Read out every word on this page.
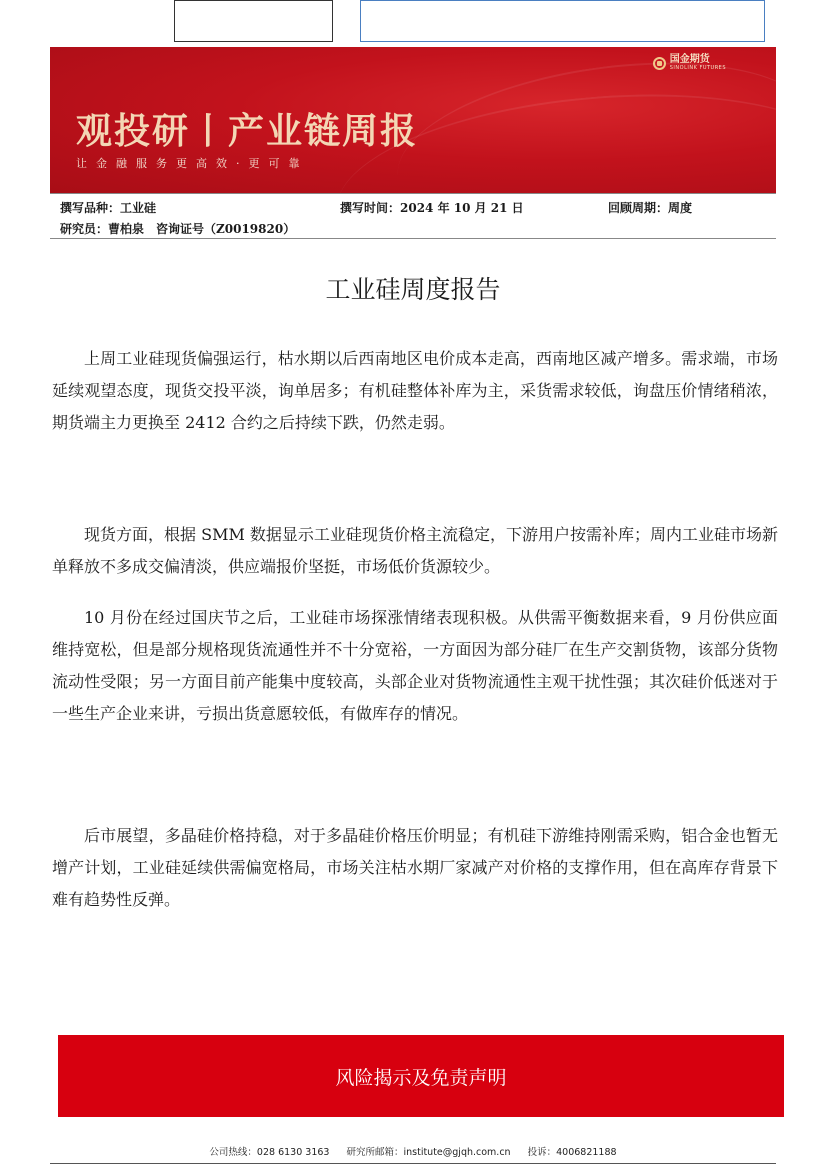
国金期货
SINOLINK FUTURES
观投研丨产业链周报
让金融服务更高效·更可靠
撰写品种：工业硅	撰写时间：2024 年 10 月 21 日	回顾周期：周度
研究员：曹柏泉　咨询证号（Z0019820）
工业硅周度报告

上周工业硅现货偏强运行，枯水期以后西南地区电价成本走高，西南地区减产增多。需求端，市场延续观望态度，现货交投平淡，询单居多；有机硅整体补库为主，采货需求较低，询盘压价情绪稍浓，期货端主力更换至 2412 合约之后持续下跌，仍然走弱。

现货方面，根据 SMM 数据显示工业硅现货价格主流稳定，下游用户按需补库；周内工业硅市场新单释放不多成交偏清淡，供应端报价坚挺，市场低价货源较少。

10 月份在经过国庆节之后，工业硅市场探涨情绪表现积极。从供需平衡数据来看，9 月份供应面维持宽松，但是部分规格现货流通性并不十分宽裕，一方面因为部分硅厂在生产交割货物，该部分货物流动性受限；另一方面目前产能集中度较高，头部企业对货物流通性主观干扰性强；其次硅价低迷对于一些生产企业来讲，亏损出货意愿较低，有做库存的情况。

后市展望，多晶硅价格持稳，对于多晶硅价格压价明显；有机硅下游维持刚需采购，铝合金也暂无增产计划，工业硅延续供需偏宽格局，市场关注枯水期厂家减产对价格的支撑作用，但在高库存背景下难有趋势性反弹。

风险揭示及免责声明
公司热线：028 6130 3163 研究所邮箱：institute@gjqh.com.cn 投诉：4006821188
